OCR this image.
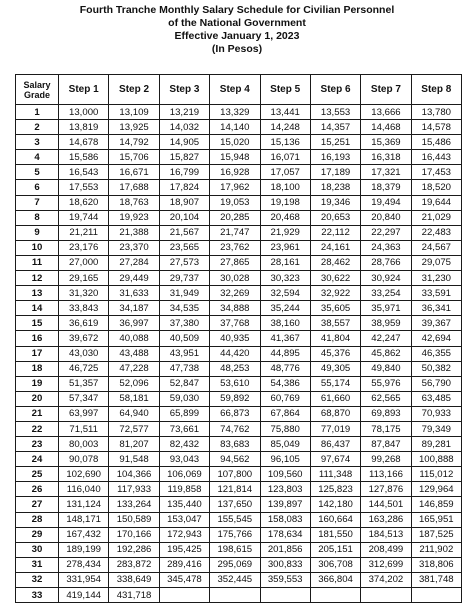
Fourth Tranche Monthly Salary Schedule for Civilian Personnel
of the National Government
Effective January 1, 2023
(In Pesos)
Salary
Grade	Step 1	Step 2	Step 3	Step 4	Step 5	Step 6	Step 7	Step 8
1	13,000	13,109	13,219	13,329	13,441	13,553	13,666	13,780
2	13,819	13,925	14,032	14,140	14,248	14,357	14,468	14,578
3	14,678	14,792	14,905	15,020	15,136	15,251	15,369	15,486
4	15,586	15,706	15,827	15,948	16,071	16,193	16,318	16,443
5	16,543	16,671	16,799	16,928	17,057	17,189	17,321	17,453
6	17,553	17,688	17,824	17,962	18,100	18,238	18,379	18,520
7	18,620	18,763	18,907	19,053	19,198	19,346	19,494	19,644
8	19,744	19,923	20,104	20,285	20,468	20,653	20,840	21,029
9	21,211	21,388	21,567	21,747	21,929	22,112	22,297	22,483
10	23,176	23,370	23,565	23,762	23,961	24,161	24,363	24,567
11	27,000	27,284	27,573	27,865	28,161	28,462	28,766	29,075
12	29,165	29,449	29,737	30,028	30,323	30,622	30,924	31,230
13	31,320	31,633	31,949	32,269	32,594	32,922	33,254	33,591
14	33,843	34,187	34,535	34,888	35,244	35,605	35,971	36,341
15	36,619	36,997	37,380	37,768	38,160	38,557	38,959	39,367
16	39,672	40,088	40,509	40,935	41,367	41,804	42,247	42,694
17	43,030	43,488	43,951	44,420	44,895	45,376	45,862	46,355
18	46,725	47,228	47,738	48,253	48,776	49,305	49,840	50,382
19	51,357	52,096	52,847	53,610	54,386	55,174	55,976	56,790
20	57,347	58,181	59,030	59,892	60,769	61,660	62,565	63,485
21	63,997	64,940	65,899	66,873	67,864	68,870	69,893	70,933
22	71,511	72,577	73,661	74,762	75,880	77,019	78,175	79,349
23	80,003	81,207	82,432	83,683	85,049	86,437	87,847	89,281
24	90,078	91,548	93,043	94,562	96,105	97,674	99,268	100,888
25	102,690	104,366	106,069	107,800	109,560	111,348	113,166	115,012
26	116,040	117,933	119,858	121,814	123,803	125,823	127,876	129,964
27	131,124	133,264	135,440	137,650	139,897	142,180	144,501	146,859
28	148,171	150,589	153,047	155,545	158,083	160,664	163,286	165,951
29	167,432	170,166	172,943	175,766	178,634	181,550	184,513	187,525
30	189,199	192,286	195,425	198,615	201,856	205,151	208,499	211,902
31	278,434	283,872	289,416	295,069	300,833	306,708	312,699	318,806
32	331,954	338,649	345,478	352,445	359,553	366,804	374,202	381,748
33	419,144	431,718						
